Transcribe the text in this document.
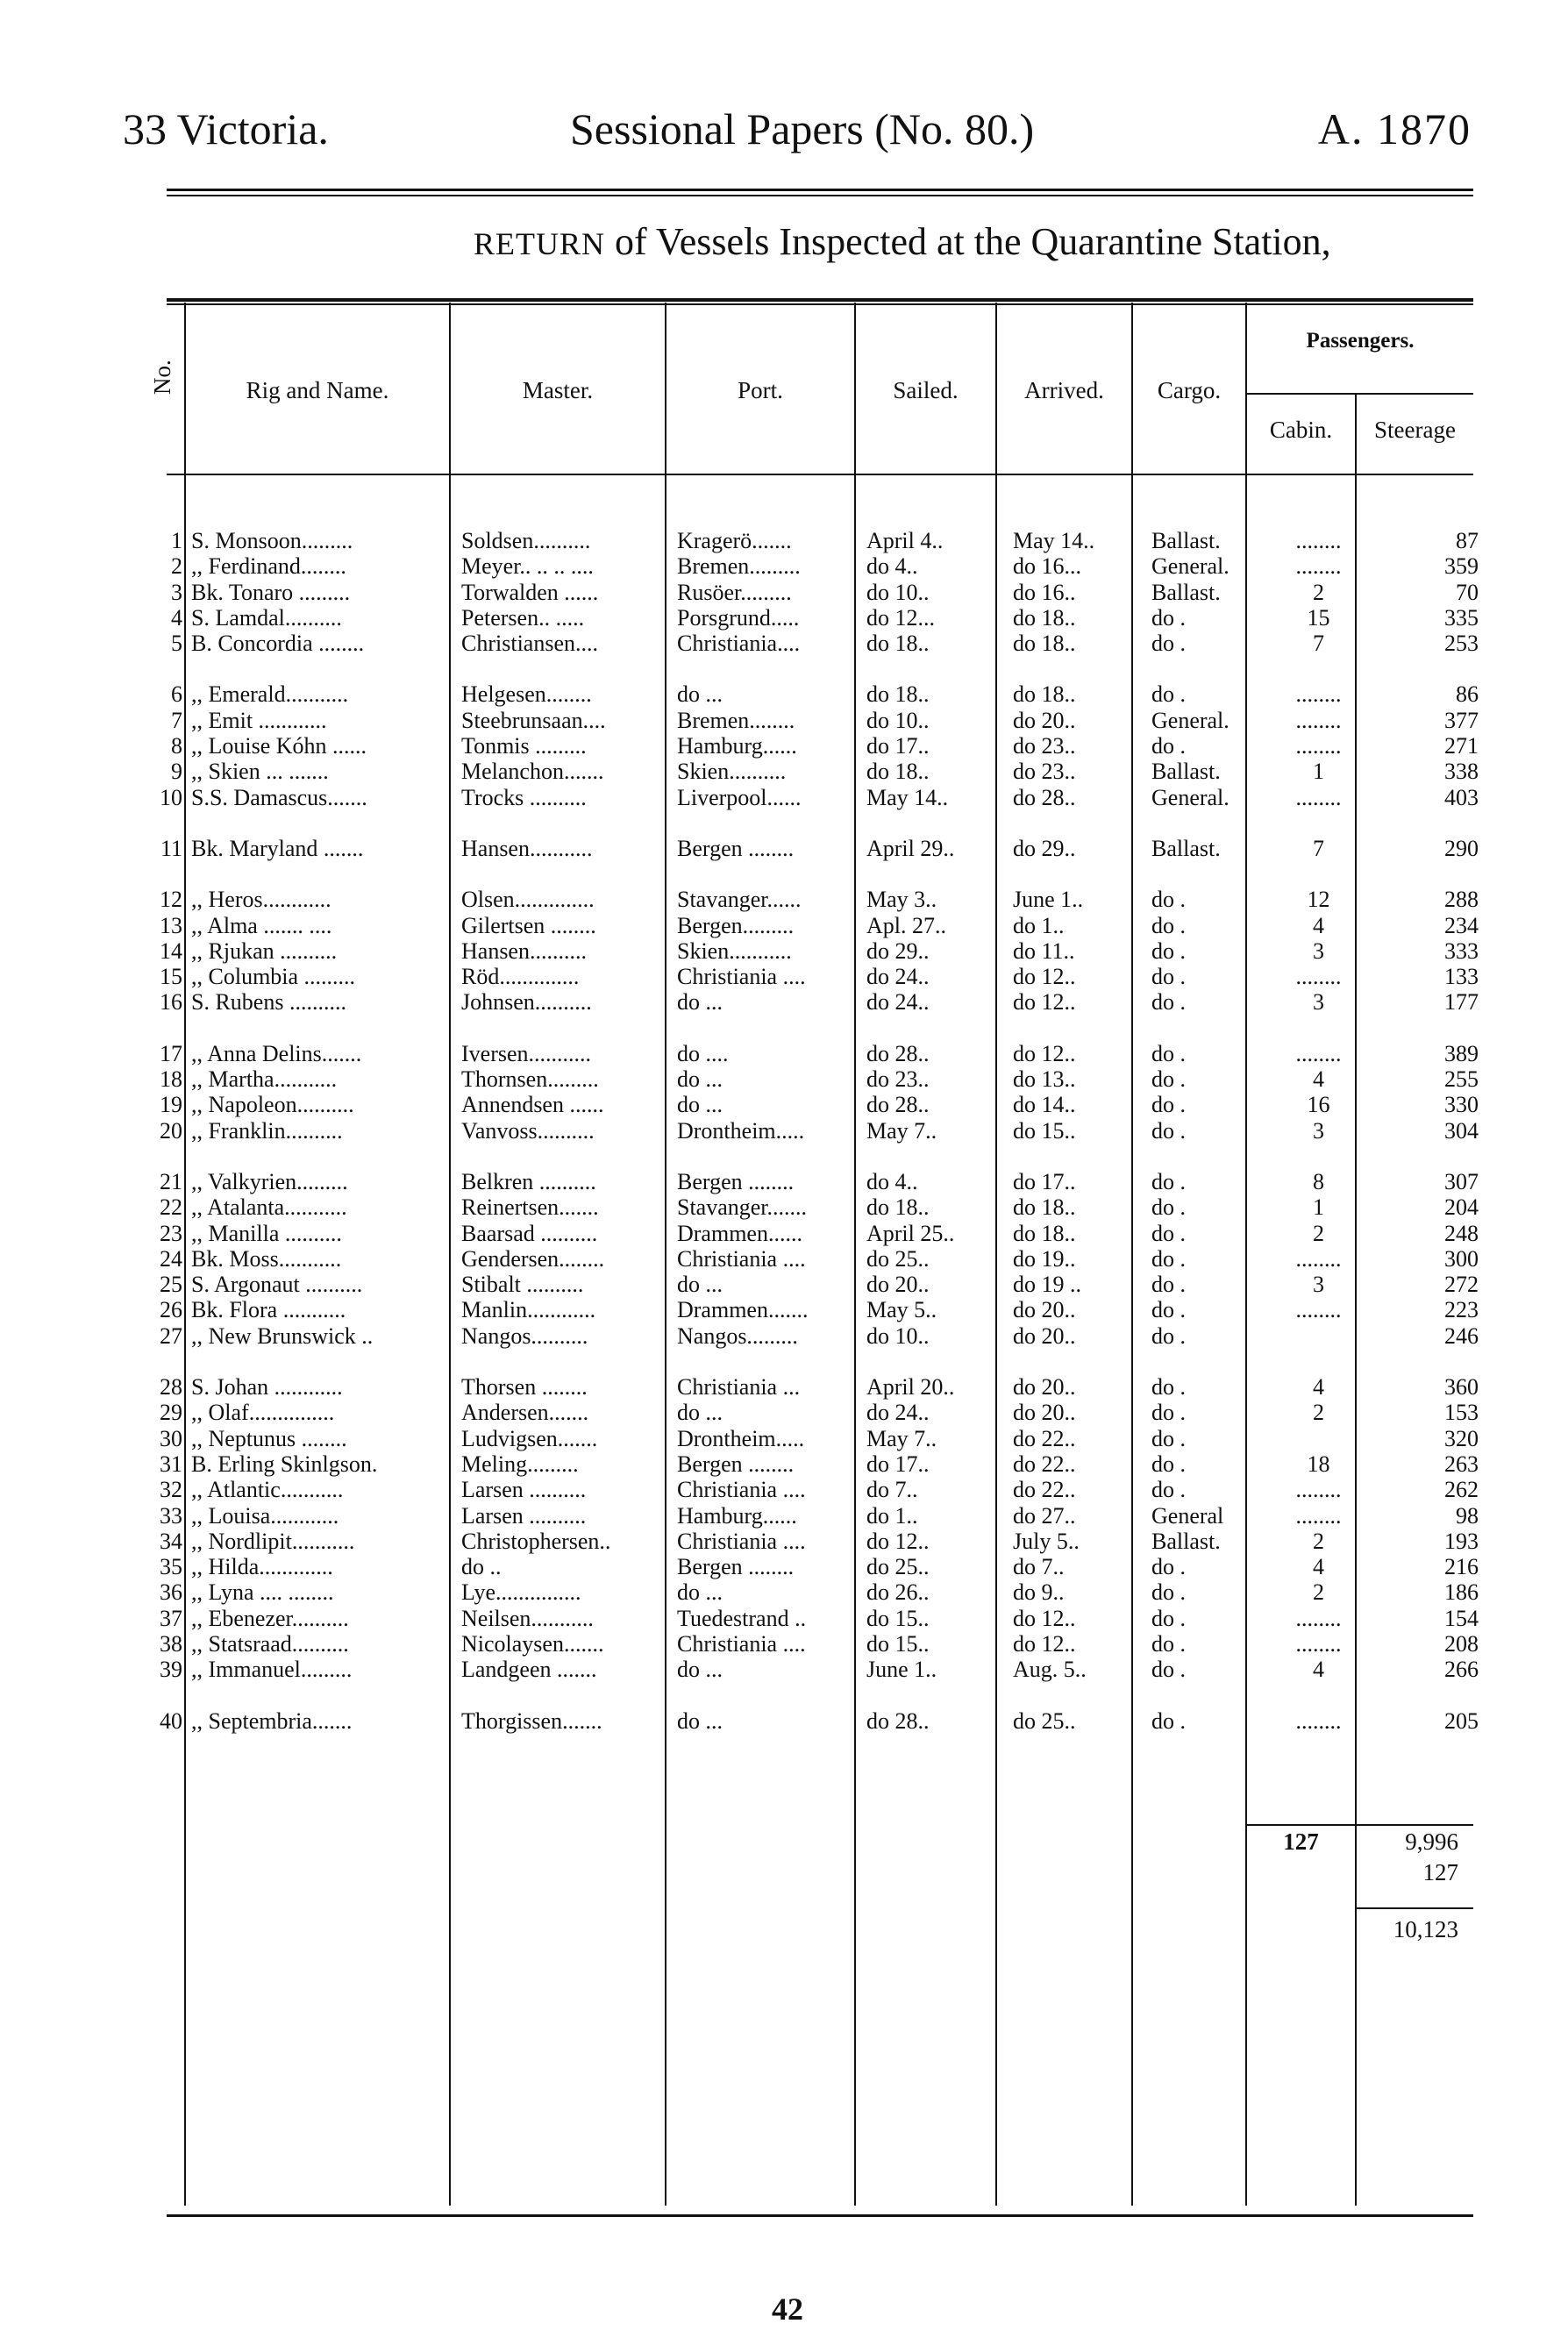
33 Victoria.	Sessional Papers (No. 80.)	A. 1870
RETURN of Vessels Inspected at the Quarantine Station,
No.	Rig and Name.	Master.	Port.	Sailed.	Arrived.	Cargo.
Passengers.
Cabin.	Steerage
1	S. Monsoon.........	Soldsen..........	Kragerö.......	April 4..	May 14..	Ballast.	........	87
2	,, Ferdinand........	Meyer.. .. .. ....	Bremen.........	do 4..	do 16...	General.	........	359
3	Bk. Tonaro .........	Torwalden ......	Rusöer.........	do 10..	do 16..	Ballast.	2	70
4	S. Lamdal..........	Petersen.. .....	Porsgrund.....	do 12...	do 18..	do .	15	335
5	B. Concordia ........	Christiansen....	Christiania....	do 18..	do 18..	do .	7	253

6	,, Emerald...........	Helgesen........	do ...	do 18..	do 18..	do .	........	86
7	,, Emit ............	Steebrunsaan....	Bremen........	do 10..	do 20..	General.	........	377
8	,, Louise Kóhn ......	Tonmis .........	Hamburg......	do 17..	do 23..	do .	........	271
9	,, Skien ... .......	Melanchon.......	Skien..........	do 18..	do 23..	Ballast.	1	338
10	S.S. Damascus.......	Trocks ..........	Liverpool......	May 14..	do 28..	General.	........	403

11	Bk. Maryland .......	Hansen...........	Bergen ........	April 29..	do 29..	Ballast.	7	290

12	,, Heros............	Olsen..............	Stavanger......	May 3..	June 1..	do .	12	288
13	,, Alma ....... ....	Gilertsen ........	Bergen.........	Apl. 27..	do 1..	do .	4	234
14	,, Rjukan ..........	Hansen..........	Skien...........	do 29..	do 11..	do .	3	333
15	,, Columbia .........	Röd..............	Christiania ....	do 24..	do 12..	do .	........	133
16	S. Rubens ..........	Johnsen..........	do ...	do 24..	do 12..	do .	3	177

17	,, Anna Delins.......	Iversen...........	do ....	do 28..	do 12..	do .	........	389
18	,, Martha...........	Thornsen.........	do ...	do 23..	do 13..	do .	4	255
19	,, Napoleon..........	Annendsen ......	do ...	do 28..	do 14..	do .	16	330
20	,, Franklin..........	Vanvoss..........	Drontheim.....	May 7..	do 15..	do .	3	304

21	,, Valkyrien.........	Belkren ..........	Bergen ........	do 4..	do 17..	do .	8	307
22	,, Atalanta...........	Reinertsen.......	Stavanger.......	do 18..	do 18..	do .	1	204
23	,, Manilla ..........	Baarsad ..........	Drammen......	April 25..	do 18..	do .	2	248
24	Bk. Moss...........	Gendersen........	Christiania ....	do 25..	do 19..	do .	........	300
25	S. Argonaut ..........	Stibalt ..........	do ...	do 20..	do 19 ..	do .	3	272
26	Bk. Flora ...........	Manlin............	Drammen.......	May 5..	do 20..	do .	........	223
27	,, New Brunswick ..	Nangos..........	Nangos.........	do 10..	do 20..	do .		246

28	S. Johan ............	Thorsen ........	Christiania ...	April 20..	do 20..	do .	4	360
29	,, Olaf...............	Andersen.......	do ...	do 24..	do 20..	do .	2	153
30	,, Neptunus ........	Ludvigsen.......	Drontheim.....	May 7..	do 22..	do .		320
31	B. Erling Skinlgson.	Meling.........	Bergen ........	do 17..	do 22..	do .	18	263
32	,, Atlantic...........	Larsen ..........	Christiania ....	do 7..	do 22..	do .	........	262
33	,, Louisa............	Larsen ..........	Hamburg......	do 1..	do 27..	General	........	98
34	,, Nordlipit...........	Christophersen..	Christiania ....	do 12..	July 5..	Ballast.	2	193
35	,, Hilda.............	do ..	Bergen ........	do 25..	do 7..	do .	4	216
36	,, Lyna .... ........	Lye...............	do ...	do 26..	do 9..	do .	2	186
37	,, Ebenezer..........	Neilsen...........	Tuedestrand ..	do 15..	do 12..	do .	........	154
38	,, Statsraad..........	Nicolaysen.......	Christiania ....	do 15..	do 12..	do .	........	208
39	,, Immanuel.........	Landgeen .......	do ...	June 1..	Aug. 5..	do .	4	266

40	,, Septembria.......	Thorgissen.......	do ...	do 28..	do 25..	do .	........	205
127	9,996
127
10,123
42
